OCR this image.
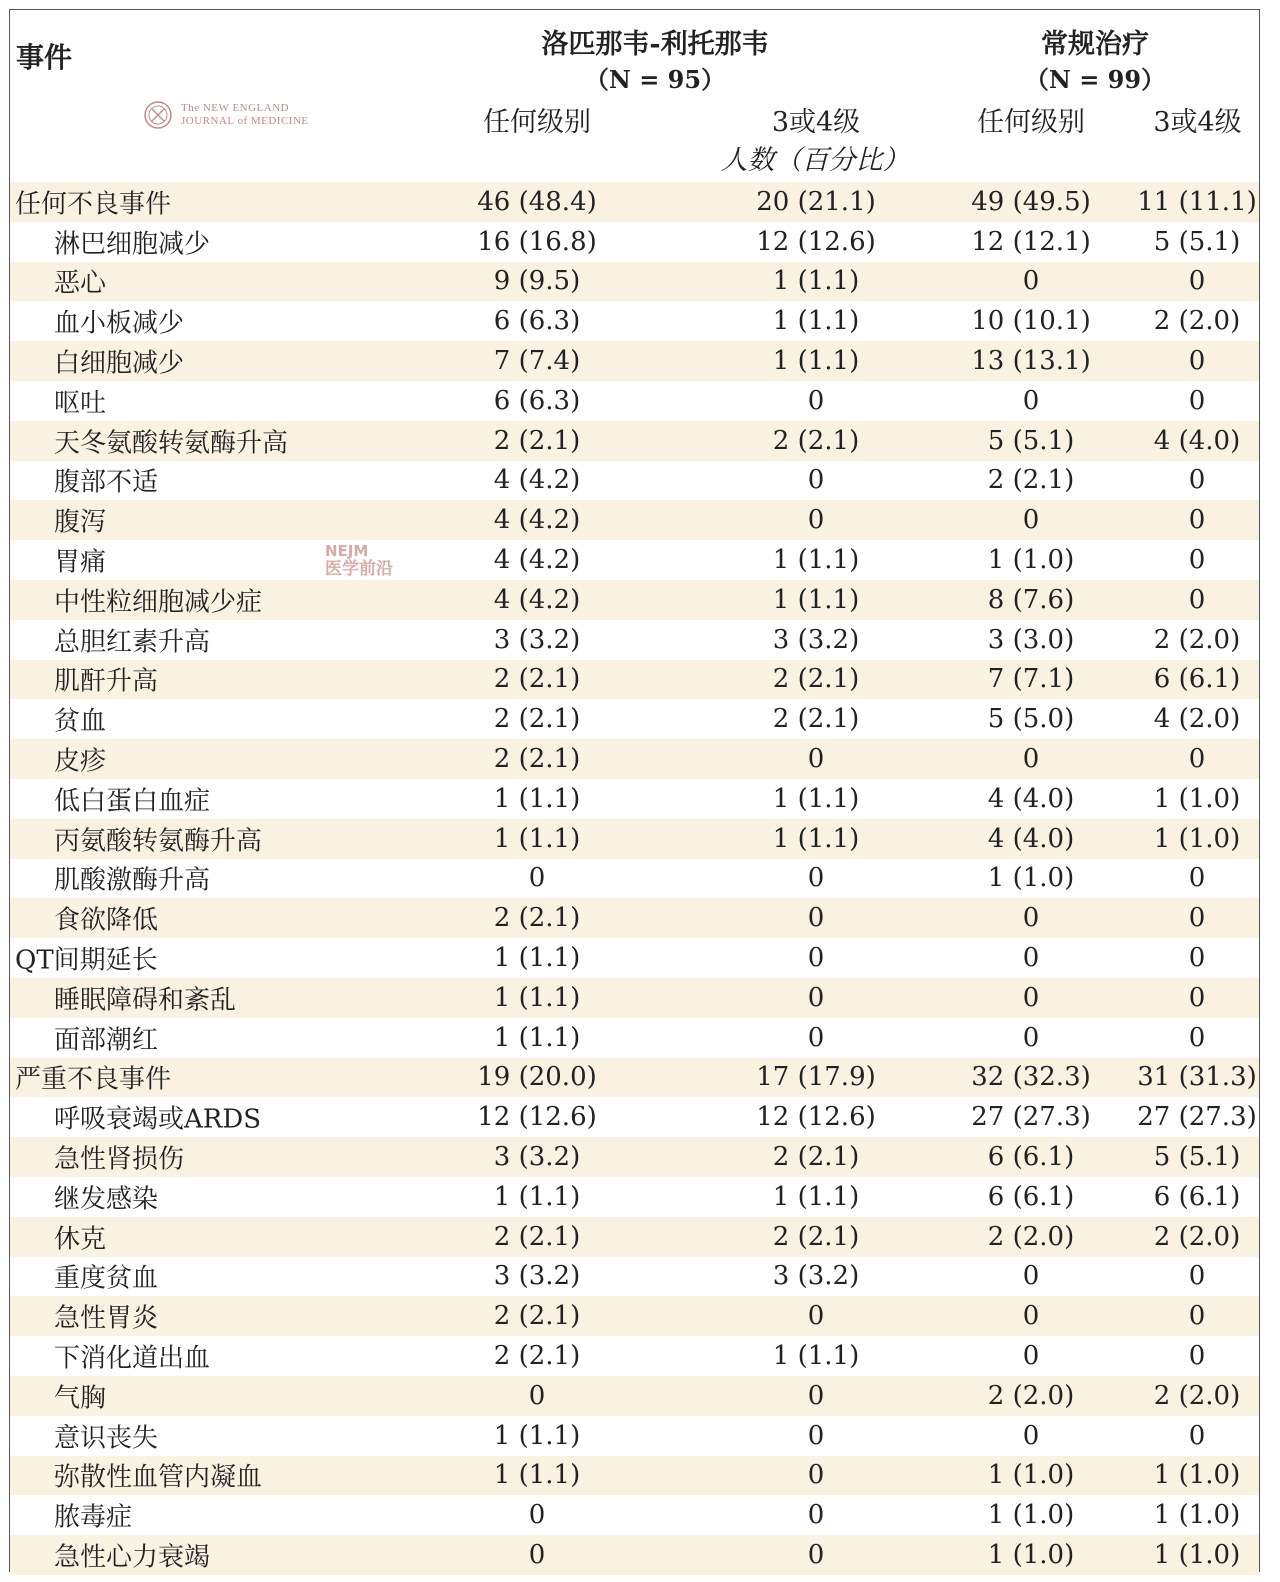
事件	洛匹那韦-利托那韦
（N = 95）
常规治疗
（N = 99）
任何级别	3或4级	任何级别	3或4级
人数（百分比）
The NEW ENGLAND
JOURNAL of MEDICINE
NEJM
医学前沿
任何不良事件	46 (48.4)	20 (21.1)	49 (49.5) 11 (11.1)
淋巴细胞减少	16 (16.8)	12 (12.6)	12 (12.1) 5 (5.1)
恶心	9 (9.5)	1 (1.1)	0	0
血小板减少	6 (6.3)	1 (1.1)	10 (10.1) 2 (2.0)
白细胞减少	7 (7.4)	1 (1.1)	13 (13.1)	0
呕吐	6 (6.3)	0	0	0
天冬氨酸转氨酶升高	2 (2.1)	2 (2.1)	5 (5.1)	4 (4.0)
腹部不适	4 (4.2)	0	2 (2.1)	0
腹泻	4 (4.2)	0	0	0
胃痛	4 (4.2)	1 (1.1)	1 (1.0)	0
中性粒细胞减少症	4 (4.2)	1 (1.1)	8 (7.6)	0
总胆红素升高	3 (3.2)	3 (3.2)	3 (3.0)	2 (2.0)
肌酐升高	2 (2.1)	2 (2.1)	7 (7.1)	6 (6.1)
贫血	2 (2.1)	2 (2.1)	5 (5.0)	4 (2.0)
皮疹	2 (2.1)	0	0	0
低白蛋白血症	1 (1.1)	1 (1.1)	4 (4.0)	1 (1.0)
丙氨酸转氨酶升高	1 (1.1)	1 (1.1)	4 (4.0)	1 (1.0)
肌酸激酶升高	0	0	1 (1.0)	0
食欲降低	2 (2.1)	0	0	0
QT间期延长	1 (1.1)	0	0	0
睡眠障碍和紊乱	1 (1.1)	0	0	0
面部潮红	1 (1.1)	0	0	0
严重不良事件	19 (20.0)	17 (17.9)	32 (32.3) 31 (31.3)
呼吸衰竭或ARDS	12 (12.6)	12 (12.6)	27 (27.3) 27 (27.3)
急性肾损伤	3 (3.2)	2 (2.1)	6 (6.1)	5 (5.1)
继发感染	1 (1.1)	1 (1.1)	6 (6.1)	6 (6.1)
休克	2 (2.1)	2 (2.1)	2 (2.0)	2 (2.0)
重度贫血	3 (3.2)	3 (3.2)	0	0
急性胃炎	2 (2.1)	0	0	0
下消化道出血	2 (2.1)	1 (1.1)	0	0
气胸	0	0	2 (2.0)	2 (2.0)
意识丧失	1 (1.1)	0	0	0
弥散性血管内凝血	1 (1.1)	0	1 (1.0)	1 (1.0)
脓毒症	0	0	1 (1.0)	1 (1.0)
急性心力衰竭	0	0	1 (1.0)	1 (1.0)
